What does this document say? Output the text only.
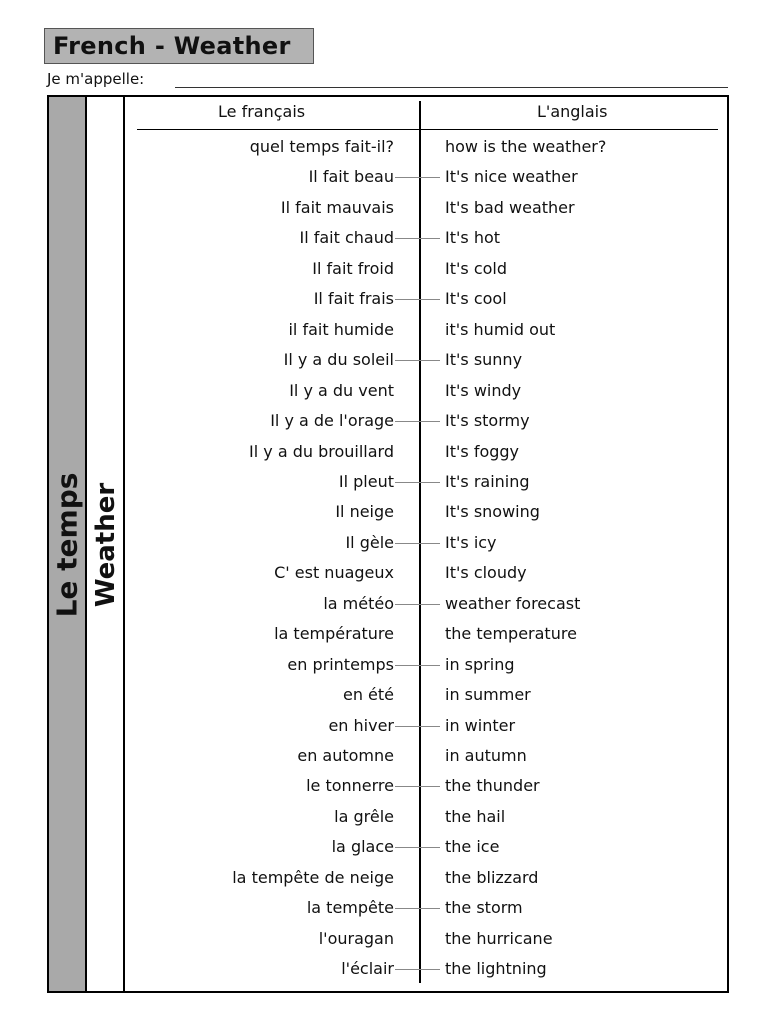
French - Weather
Je m'appelle:
Le temps Weather
Le français	L'anglais
quel temps fait-il?	how is the weather?
Il fait beau	It's nice weather
Il fait mauvais	It's bad weather
Il fait chaud	It's hot
Il fait froid	It's cold
Il fait frais	It's cool
il fait humide	it's humid out
Il y a du soleil	It's sunny
Il y a du vent	It's windy
Il y a de l'orage	It's stormy
Il y a du brouillard	It's foggy
Il pleut	It's raining
Il neige	It's snowing
Il gèle	It's icy
C' est nuageux	It's cloudy
la météo	weather forecast
la température	the temperature
en printemps	in spring
en été	in summer
en hiver	in winter
en automne	in autumn
le tonnerre	the thunder
la grêle	the hail
la glace	the ice
la tempête de neige	the blizzard
la tempête	the storm
l'ouragan	the hurricane
l'éclair	the lightning
